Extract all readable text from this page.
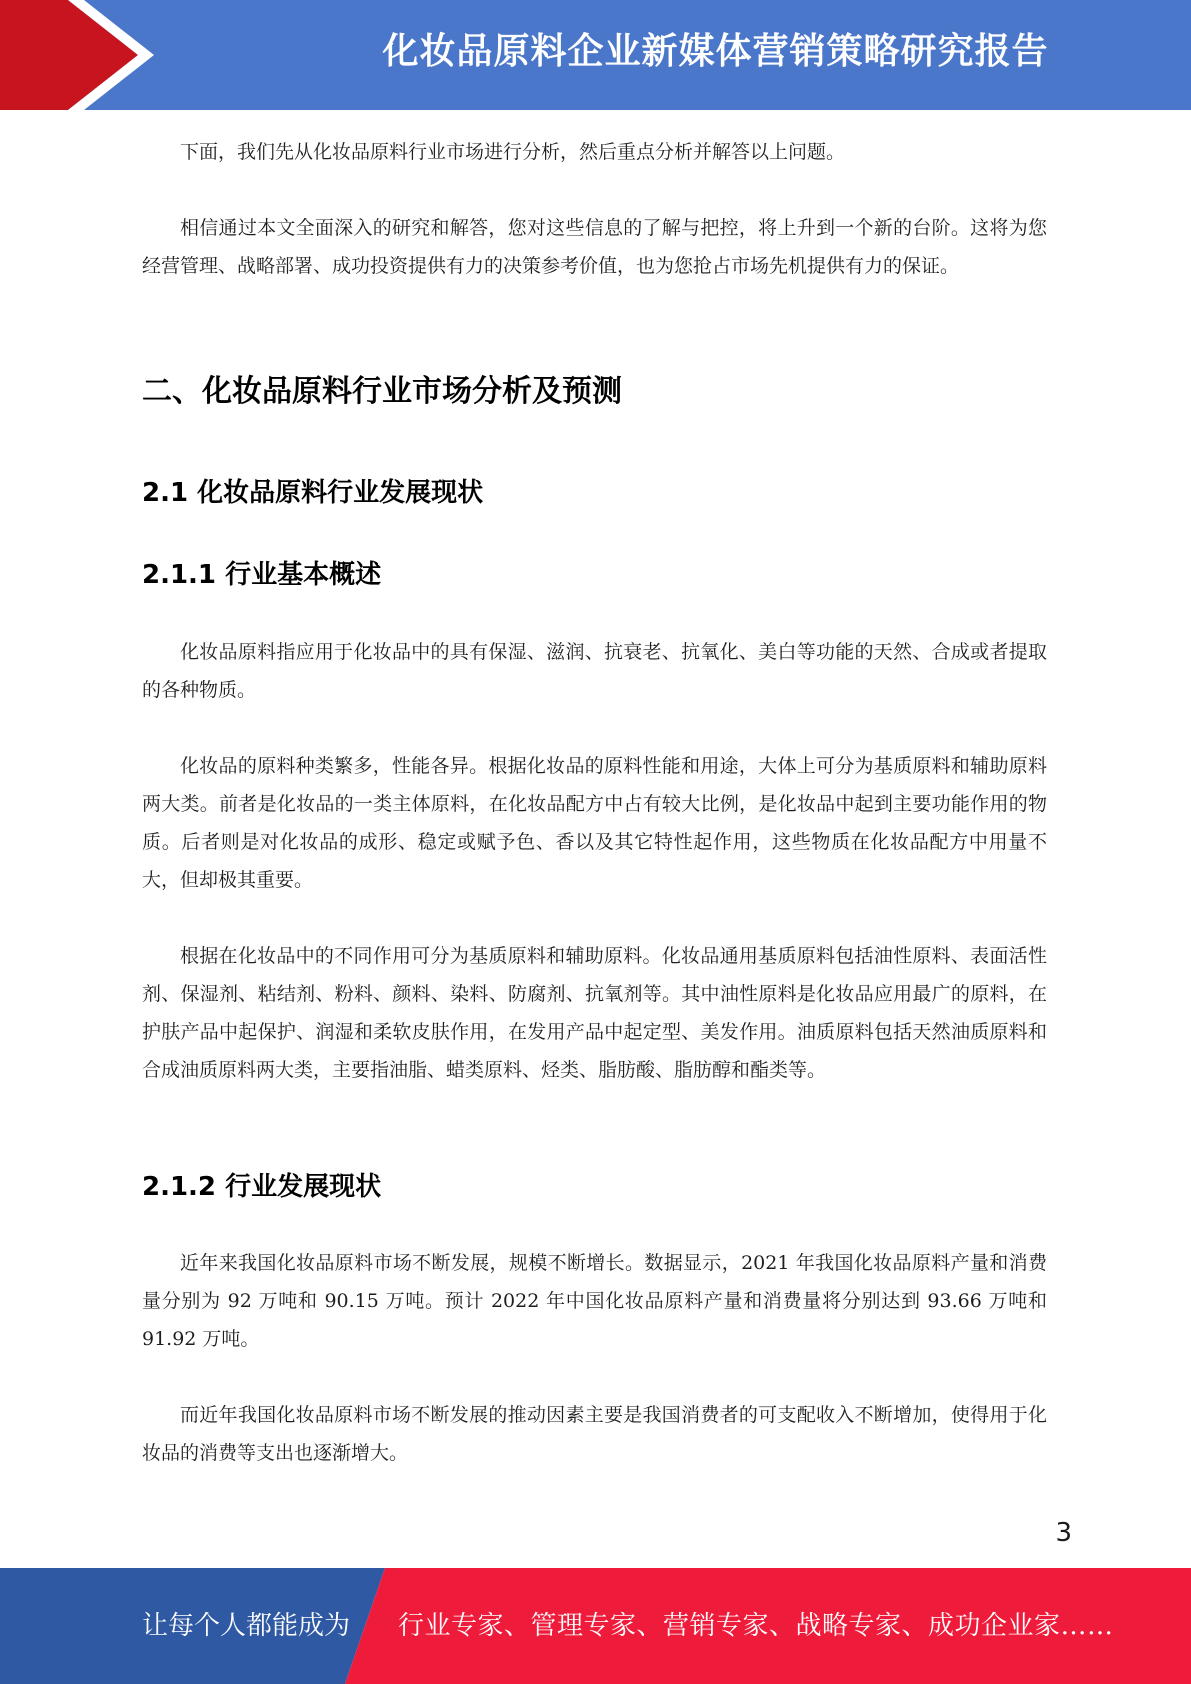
化妆品原料企业新媒体营销策略研究报告

下面，我们先从化妆品原料行业市场进行分析，然后重点分析并解答以上问题。

相信通过本文全面深入的研究和解答，您对这些信息的了解与把控，将上升到一个新的台阶。这将为您经营管理、战略部署、成功投资提供有力的决策参考价值，也为您抢占市场先机提供有力的保证。

二、化妆品原料行业市场分析及预测
2.1 化妆品原料行业发展现状
2.1.1 行业基本概述

化妆品原料指应用于化妆品中的具有保湿、滋润、抗衰老、抗氧化、美白等功能的天然、合成或者提取的各种物质。

化妆品的原料种类繁多，性能各异。根据化妆品的原料性能和用途，大体上可分为基质原料和辅助原料两大类。前者是化妆品的一类主体原料，在化妆品配方中占有较大比例，是化妆品中起到主要功能作用的物质。后者则是对化妆品的成形、稳定或赋予色、香以及其它特性起作用，这些物质在化妆品配方中用量不大，但却极其重要。

根据在化妆品中的不同作用可分为基质原料和辅助原料。化妆品通用基质原料包括油性原料、表面活性剂、保湿剂、粘结剂、粉料、颜料、染料、防腐剂、抗氧剂等。其中油性原料是化妆品应用最广的原料，在护肤产品中起保护、润湿和柔软皮肤作用，在发用产品中起定型、美发作用。油质原料包括天然油质原料和合成油质原料两大类，主要指油脂、蜡类原料、烃类、脂肪酸、脂肪醇和酯类等。

2.1.2 行业发展现状

近年来我国化妆品原料市场不断发展，规模不断增长。数据显示，2021 年我国化妆品原料产量和消费量分别为 92 万吨和 90.15 万吨。预计 2022 年中国化妆品原料产量和消费量将分别达到 93.66 万吨和 91.92 万吨。

而近年我国化妆品原料市场不断发展的推动因素主要是我国消费者的可支配收入不断增加，使得用于化妆品的消费等支出也逐渐增大。

3
让每个人都能成为 行业专家、管理专家、营销专家、战略专家、成功企业家……
